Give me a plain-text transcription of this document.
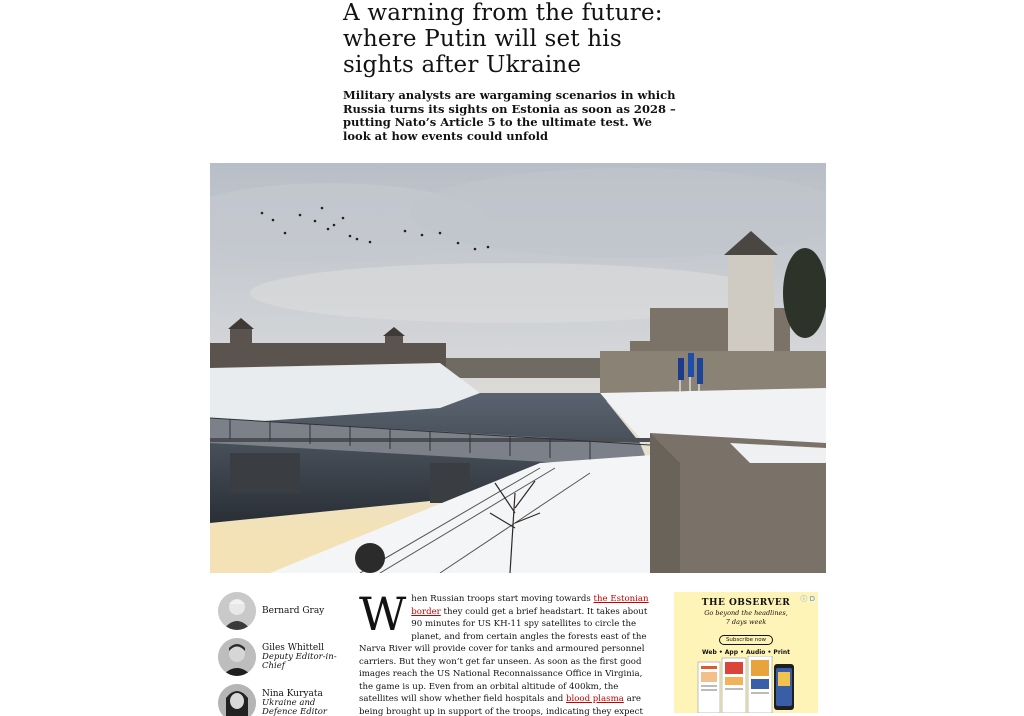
A warning from the future: where Putin will set his sights after Ukraine

Military analysts are wargaming scenarios in which Russia turns its sights on Estonia as soon as 2028 – putting Nato’s Article 5 to the ultimate test. We look at how events could unfold

Bernard Gray
Giles Whittell
Deputy Editor-in-Chief
Nina Kuryata
Ukraine and Defence Editor
When Russian troops start moving towards the Estonian border they could get a brief headstart. It takes about 90 minutes for US KH-11 spy satellites to circle the planet, and from certain angles the forests east of the Narva River will provide cover for tanks and armoured personnel carriers. But they won’t get far unseen. As soon as the first good images reach the US National Reconnaissance Office in Virginia, the game is up. Even from an orbital altitude of 400km, the satellites will show whether field hospitals and blood plasma are being brought up in support of the troops, indicating they expect
ⓘ D
THE OBSERVER
Go beyond the headlines,
7 days week
Subscribe now
Web • App • Audio • Print
